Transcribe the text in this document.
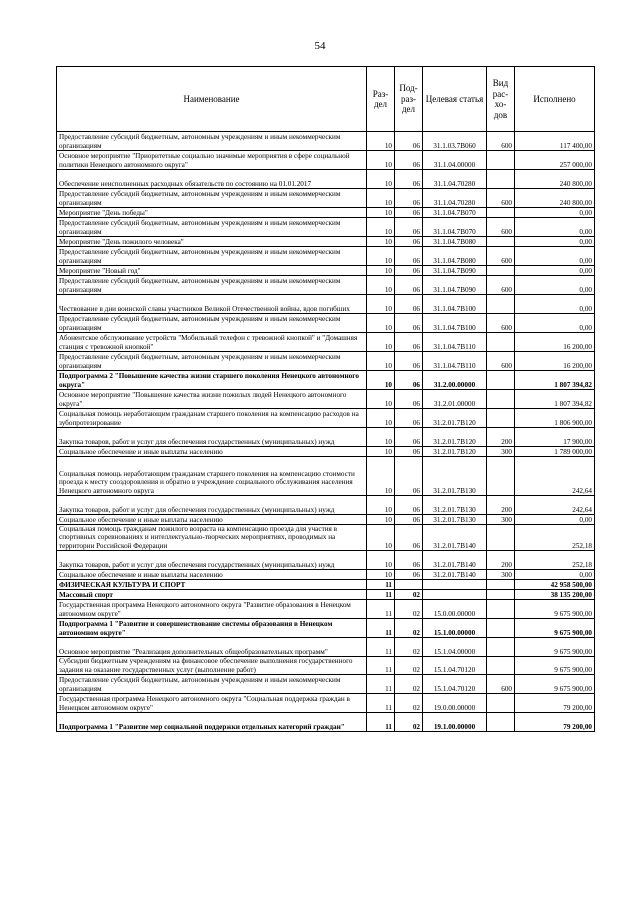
54
Наименование	Раз-дел	Под-раз-дел	Целевая статья	Вид рас-хо-дов	Исполнено
Предоставление субсидий бюджетным, автономным учреждениям и иным некоммерческим организациям	10	06	31.1.03.7В060	600	117 400,00
Основное мероприятие "Приоритетные социально значимые мероприятия в сфере социальной политики Ненецкого автономного округа"	10	06	31.1.04.00000		257 000,00
Обеспечение неисполненных расходных обязательств по состоянию на 01.01.2017	10	06	31.1.04.70280		240 800,00
Предоставление субсидий бюджетным, автономным учреждениям и иным некоммерческим организациям	10	06	31.1.04.70280	600	240 800,00
Мероприятие "День победы"	10	06	31.1.04.7В070		0,00
Предоставление субсидий бюджетным, автономным учреждениям и иным некоммерческим организациям	10	06	31.1.04.7В070	600	0,00
Мероприятие "День пожилого человека"	10	06	31.1.04.7В080		0,00
Предоставление субсидий бюджетным, автономным учреждениям и иным некоммерческим организациям	10	06	31.1.04.7В080	600	0,00
Мероприятие "Новый год"	10	06	31.1.04.7В090		0,00
Предоставление субсидий бюджетным, автономным учреждениям и иным некоммерческим организациям	10	06	31.1.04.7В090	600	0,00
Чествование в дни воинской славы участников Великой Отечественной войны, вдов погибших	10	06	31.1.04.7В100		0,00
Предоставление субсидий бюджетным, автономным учреждениям и иным некоммерческим организациям	10	06	31.1.04.7В100	600	0,00
Абонентское обслуживание устройств "Мобильный телефон с тревожной кнопкой" и "Домашняя станция с тревожной кнопкой"	10	06	31.1.04.7В110		16 200,00
Предоставление субсидий бюджетным, автономным учреждениям и иным некоммерческим организациям	10	06	31.1.04.7В110	600	16 200,00
Подпрограмма 2 "Повышение качества жизни старшего поколения Ненецкого автономного округа"	10	06	31.2.00.00000		1 807 394,82
Основное мероприятие "Повышение качества жизни пожилых людей Ненецкого автономного округа"	10	06	31.2.01.00000		1 807 394,82
Социальная помощь неработающим гражданам старшего поколения на компенсацию расходов на зубопротезирование	10	06	31.2.01.7В120		1 806 900,00
Закупка товаров, работ и услуг для обеспечения государственных (муниципальных) нужд	10	06	31.2.01.7В120	200	17 900,00
Социальное обеспечение и иные выплаты населению	10	06	31.2.01.7В120	300	1 789 000,00
Социальная помощь неработающим гражданам старшего поколения на компенсацию стоимости проезда к месту сооздоровления и обратно в учреждение социального обслуживания населения Ненецкого автономного округа	10	06	31.2.01.7В130		242,64
Закупка товаров, работ и услуг для обеспечения государственных (муниципальных) нужд	10	06	31.2.01.7В130	200	242,64
Социальное обеспечение и иные выплаты населению	10	06	31.2.01.7В130	300	0,00
Социальная помощь гражданам пожилого возраста на компенсацию проезда для участия в спортивных соревнованиях и интеллектуально-творческих мероприятиях, проводимых на территории Российской Федерации	10	06	31.2.01.7В140		252,18
Закупка товаров, работ и услуг для обеспечения государственных (муниципальных) нужд	10	06	31.2.01.7В140	200	252,18
Социальное обеспечение и иные выплаты населению	10	06	31.2.01.7В140	300	0,00
ФИЗИЧЕСКАЯ КУЛЬТУРА И СПОРТ	11				42 958 500,00
Массовый спорт	11	02			38 135 200,00
Государственная программа Ненецкого автономного округа "Развитие образования в Ненецком автономном округе"	11	02	15.0.00.00000		9 675 900,00
Подпрограмма 1 "Развитие и совершенствование системы образования в Ненецком автономном округе"	11	02	15.1.00.00000		9 675 900,00
Основное мероприятие "Реализация дополнительных общеобразовательных программ"	11	02	15.1.04.00000		9 675 900,00
Субсидии бюджетным учреждениям на финансовое обеспечение выполнения государственного задания на оказание государственных услуг (выполнение работ)	11	02	15.1.04.70120		9 675 900,00
Предоставление субсидий бюджетным, автономным учреждениям и иным некоммерческим организациям	11	02	15.1.04.70120	600	9 675 900,00
Государственная программа Ненецкого автономного округа "Социальная поддержка граждан в Ненецком автономном округе"	11	02	19.0.00.00000		79 200,00
Подпрограмма 1 "Развитие мер социальной поддержки отдельных категорий граждан"	11	02	19.1.00.00000		79 200,00
